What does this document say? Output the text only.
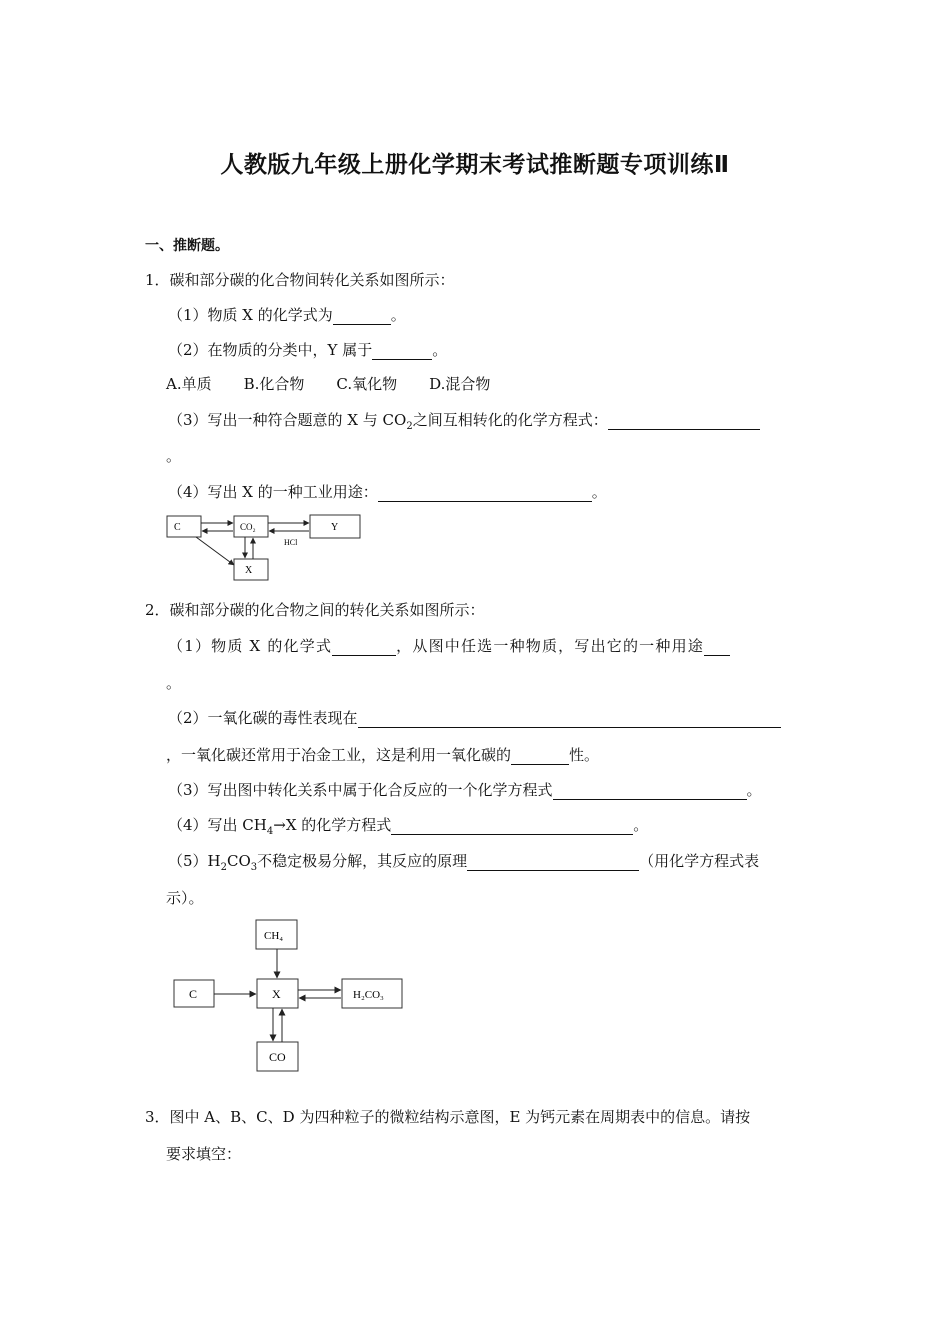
人教版九年级上册化学期末考试推断题专项训练Ⅱ
一、推断题。
1．碳和部分碳的化合物间转化关系如图所示：
（1）物质 X 的化学式为	。
（2）在物质的分类中，Y 属于	。
A.单质 B.化合物 C.氧化物 D.混合物
（3）写出一种符合题意的 X 与 $CO_2$之间互相转化的化学方程式：
。
（4）写出 X 的一种工业用途：	。
C	CO₂	Y
X
HCl
2．碳和部分碳的化合物之间的转化关系如图所示：
（1）物质 X 的化学式	，从图中任选一种物质，写出它的一种用途
。
（2）一氧化碳的毒性表现在
，一氧化碳还常用于冶金工业，这是利用一氧化碳的	性。
（3）写出图中转化关系中属于化合反应的一个化学方程式	。
（4）写出 $CH_4\to X$ 的化学方程式	。
$(5)H_2CO_3$不稳定极易分解，其反应的原理	（用化学方程式表
示）。
CH₄
C	X	H₂CO₃
CO
3．图中 A、B、C、D 为四种粒子的微粒结构示意图，E 为钙元素在周期表中的信息。请按
要求填空：
